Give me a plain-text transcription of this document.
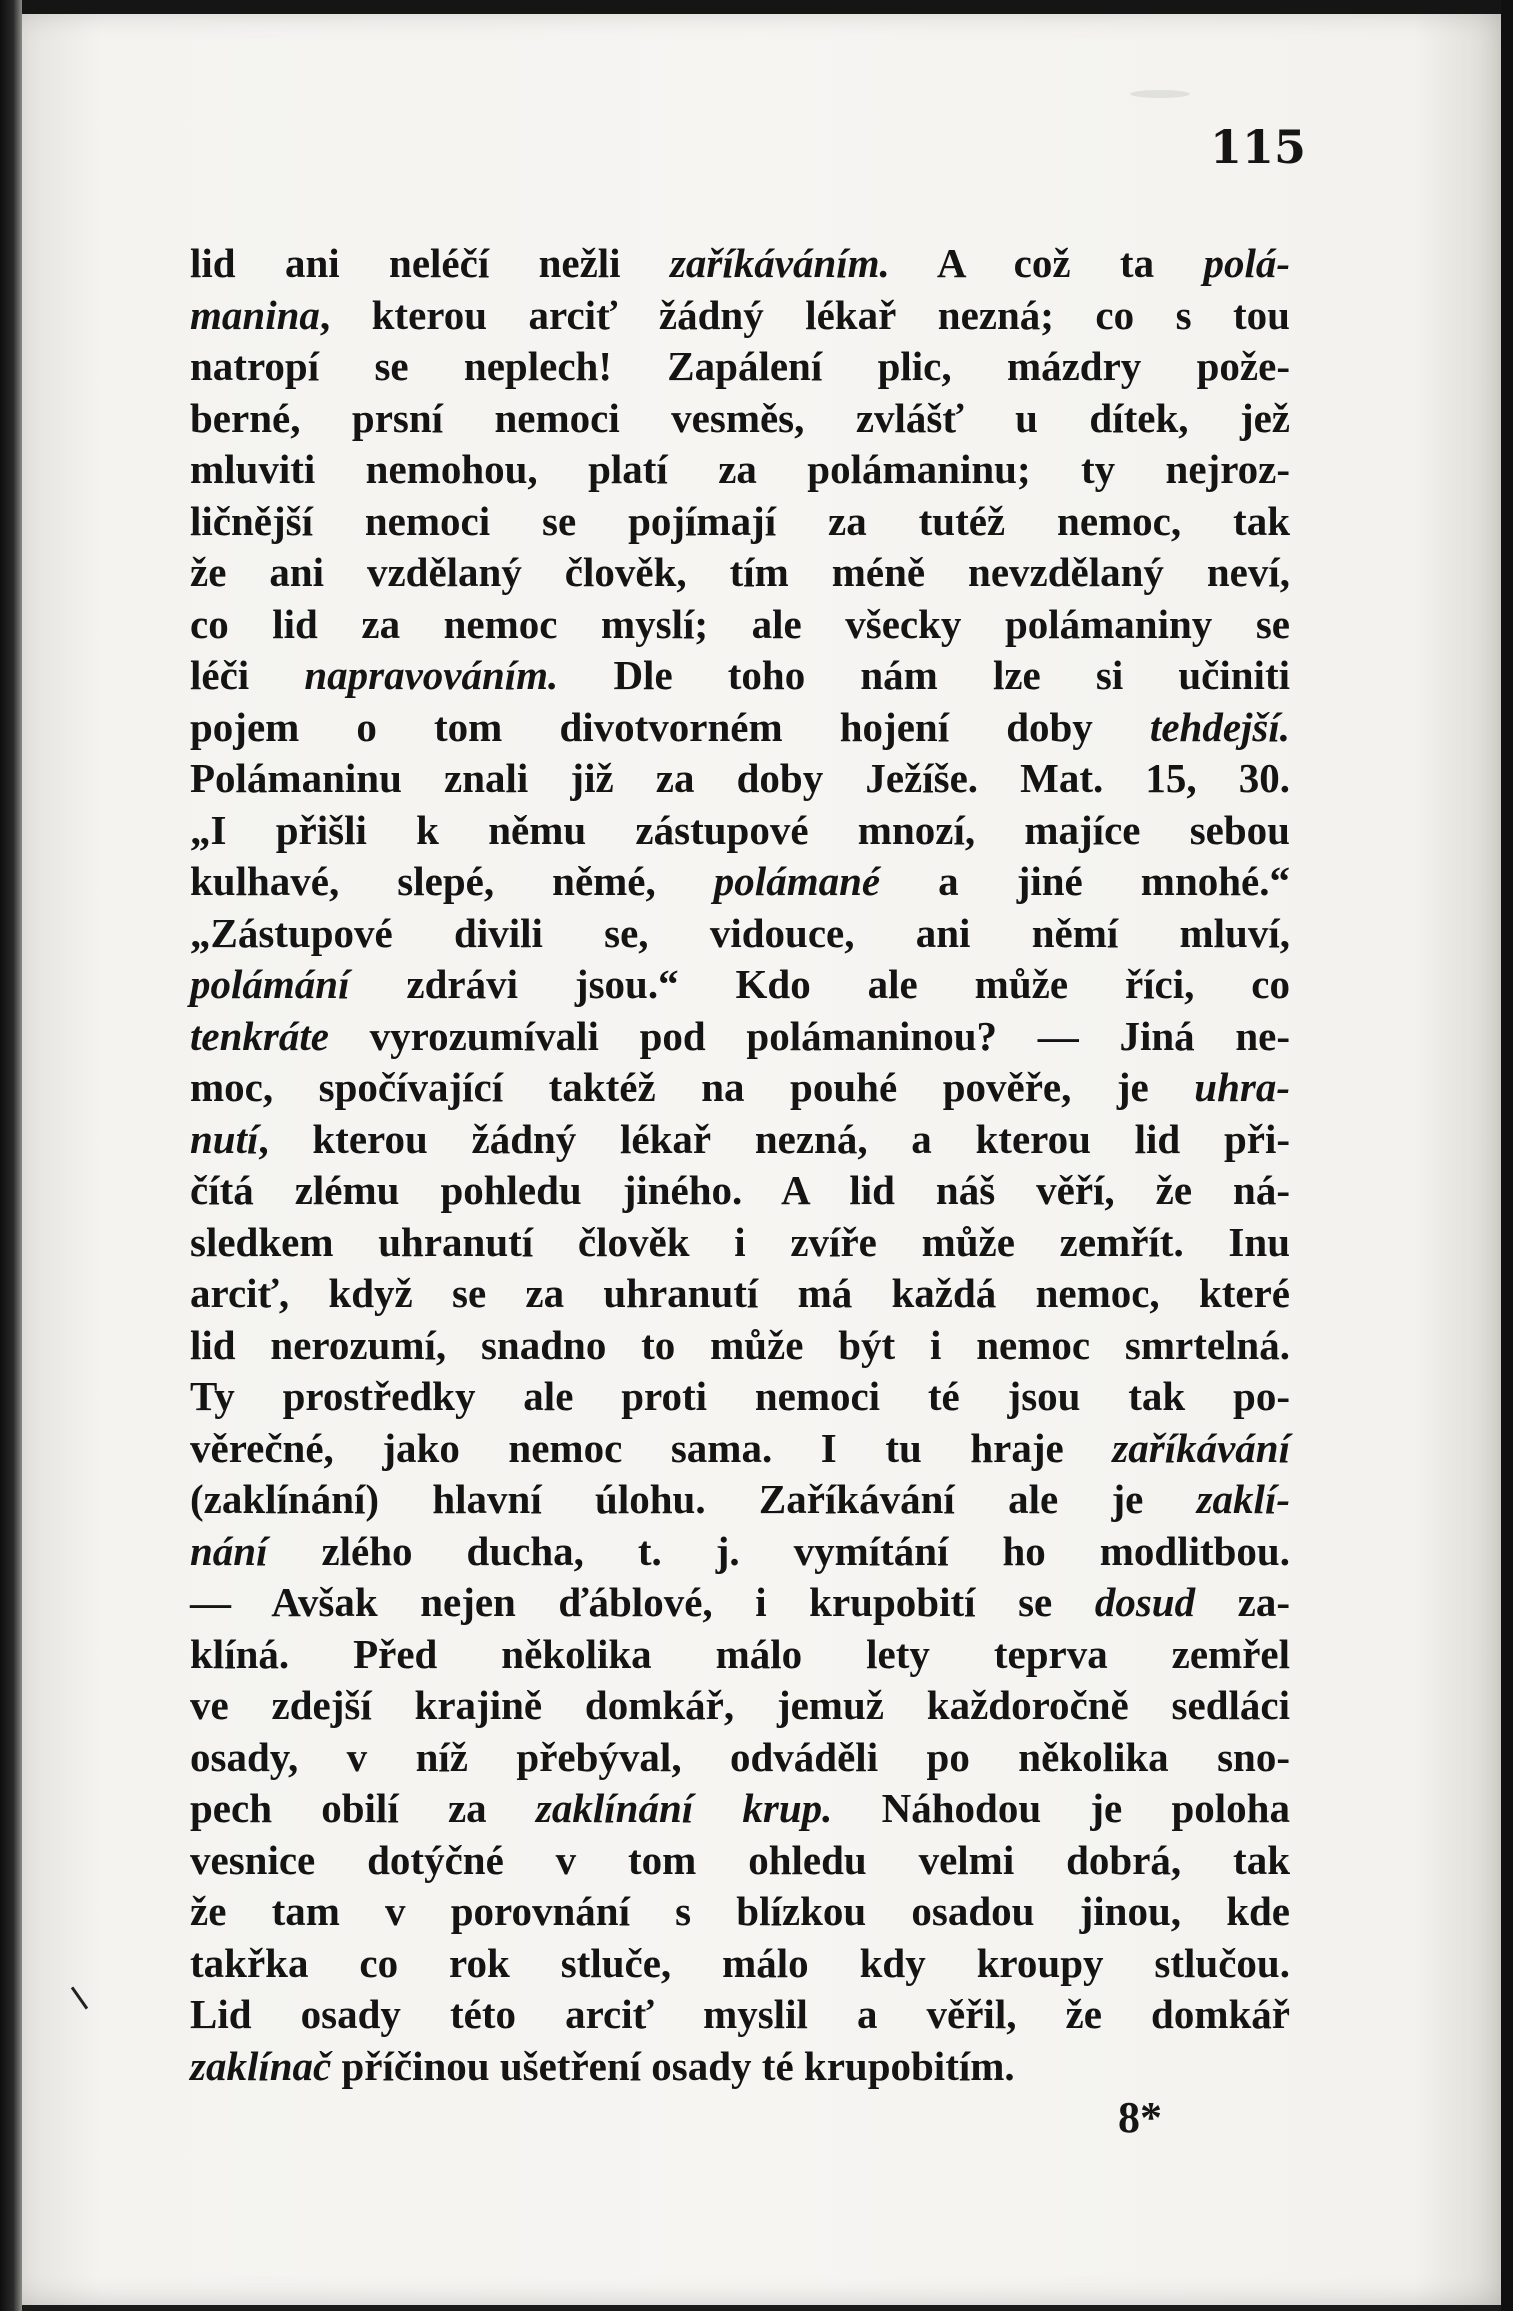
115
lid ani neléčí nežli zaříkáváním. A což ta polá-
manina, kterou arciť žádný lékař nezná; co s tou
natropí se neplech! Zapálení plic, mázdry pože-
berné, prsní nemoci vesměs, zvlášť u dítek, jež
mluviti nemohou, platí za polámaninu; ty nejroz-
ličnější nemoci se pojímají za tutéž nemoc, tak
že ani vzdělaný člověk, tím méně nevzdělaný neví,
co lid za nemoc myslí; ale všecky polámaniny se
léči napravováním. Dle toho nám lze si učiniti
pojem o tom divotvorném hojení doby tehdejší.
Polámaninu znali již za doby Ježíše. Mat. 15, 30.
„I přišli k němu zástupové mnozí, majíce sebou
kulhavé, slepé, němé, polámané a jiné mnohé.“
„Zástupové divili se, vidouce, ani němí mluví,
polámání zdrávi jsou.“ Kdo ale může říci, co
tenkráte vyrozumívali pod polámaninou? — Jiná ne-
moc, spočívající taktéž na pouhé pověře, je uhra-
nutí, kterou žádný lékař nezná, a kterou lid při-
čítá zlému pohledu jiného. A lid náš věří, že ná-
sledkem uhranutí člověk i zvíře může zemřít. Inu
arciť, když se za uhranutí má každá nemoc, které
lid nerozumí, snadno to může být i nemoc smrtelná.
Ty prostředky ale proti nemoci té jsou tak po-
věrečné, jako nemoc sama. I tu hraje zaříkávání
(zaklínání) hlavní úlohu. Zaříkávání ale je zaklí-
nání zlého ducha, t. j. vymítání ho modlitbou.
— Avšak nejen ďáblové, i krupobití se dosud za-
klíná. Před několika málo lety teprva zemřel
ve zdejší krajině domkář, jemuž každoročně sedláci
osady, v níž přebýval, odváděli po několika sno-
pech obilí za zaklínání krup. Náhodou je poloha
vesnice dotýčné v tom ohledu velmi dobrá, tak
že tam v porovnání s blízkou osadou jinou, kde
takřka co rok stluče, málo kdy kroupy stlučou.
Lid osady této arciť myslil a věřil, že domkář
zaklínač příčinou ušetření osady té krupobitím.
8*
